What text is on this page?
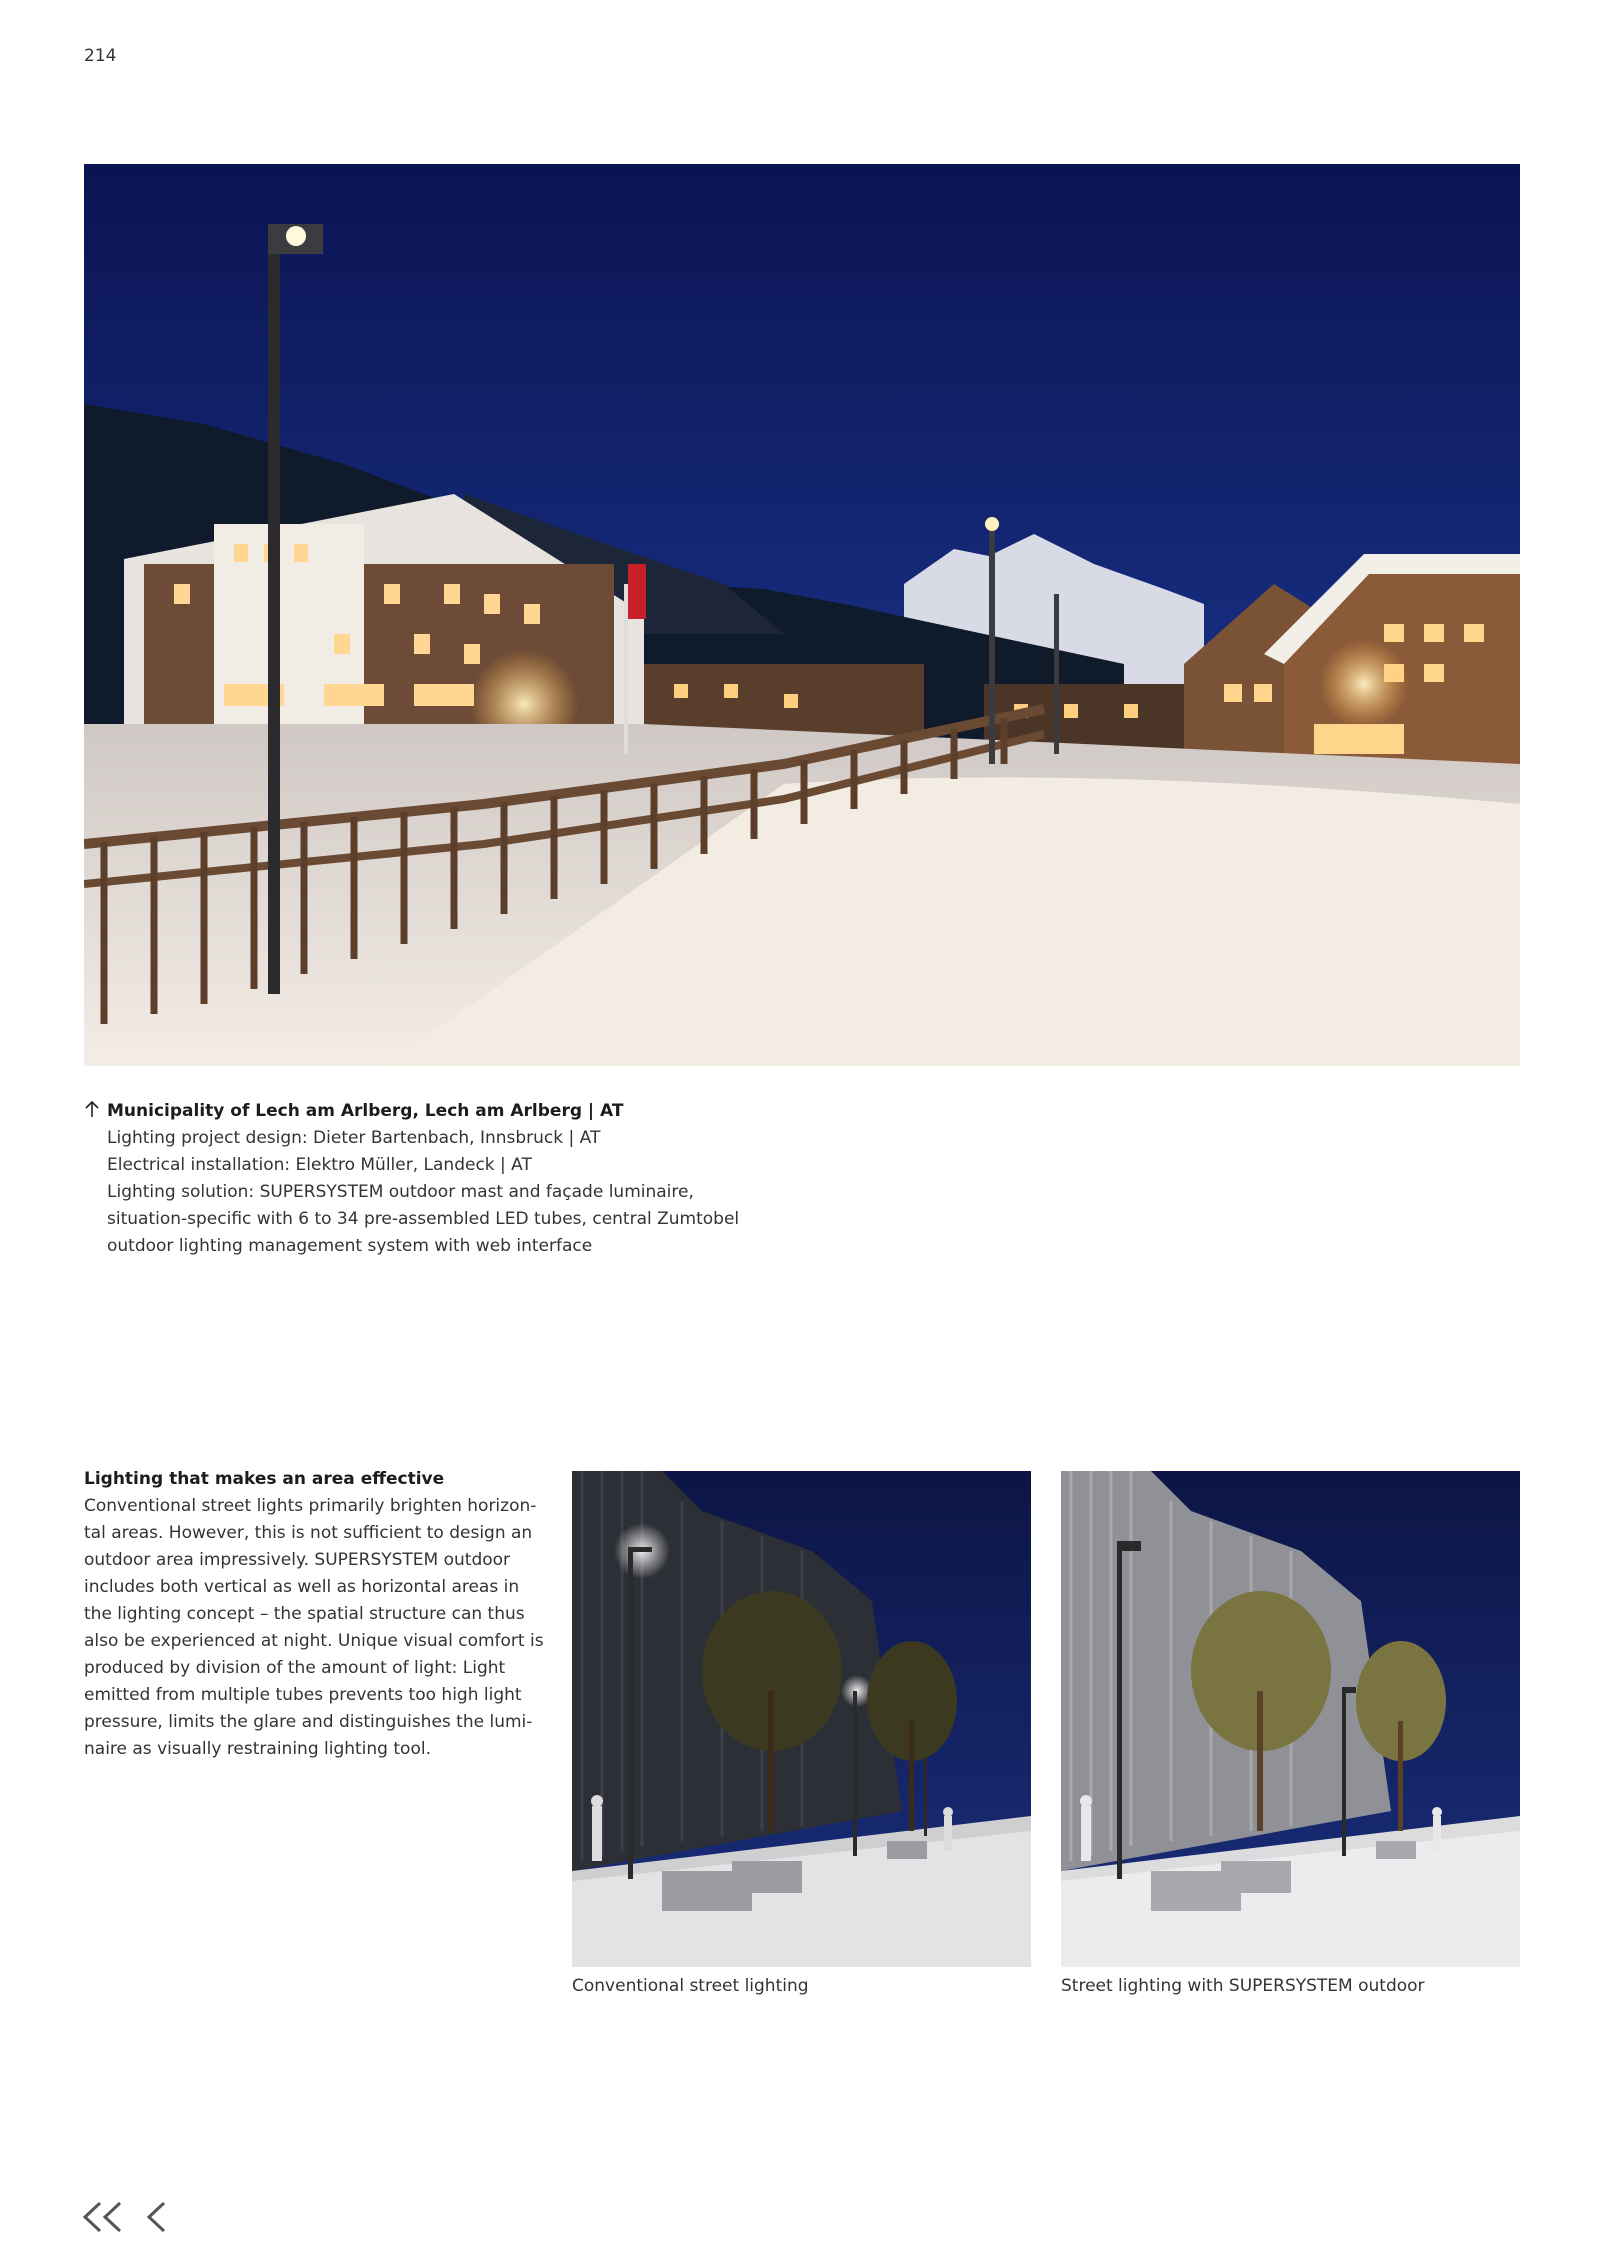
214
Municipality of Lech am Arlberg, Lech am Arlberg | AT
Lighting project design: Dieter Bartenbach, Innsbruck | AT
Electrical installation: Elektro Müller, Landeck | AT
Lighting solution: SUPERSYSTEM outdoor mast and façade luminaire,
situation-specific with 6 to 34 pre-assembled LED tubes, central Zumtobel
outdoor lighting management system with web interface
Lighting that makes an area effective
Conventional street lights primarily brighten horizon-
tal areas. However, this is not sufficient to design an
outdoor area impressively. SUPERSYSTEM outdoor
includes both vertical as well as horizontal areas in
the lighting concept – the spatial structure can thus
also be experienced at night. Unique visual comfort is
produced by division of the amount of light: Light
emitted from multiple tubes prevents too high light
pressure, limits the glare and distinguishes the lumi-
naire as visually restraining lighting tool.
Conventional street lighting	Street lighting with SUPERSYSTEM outdoor
